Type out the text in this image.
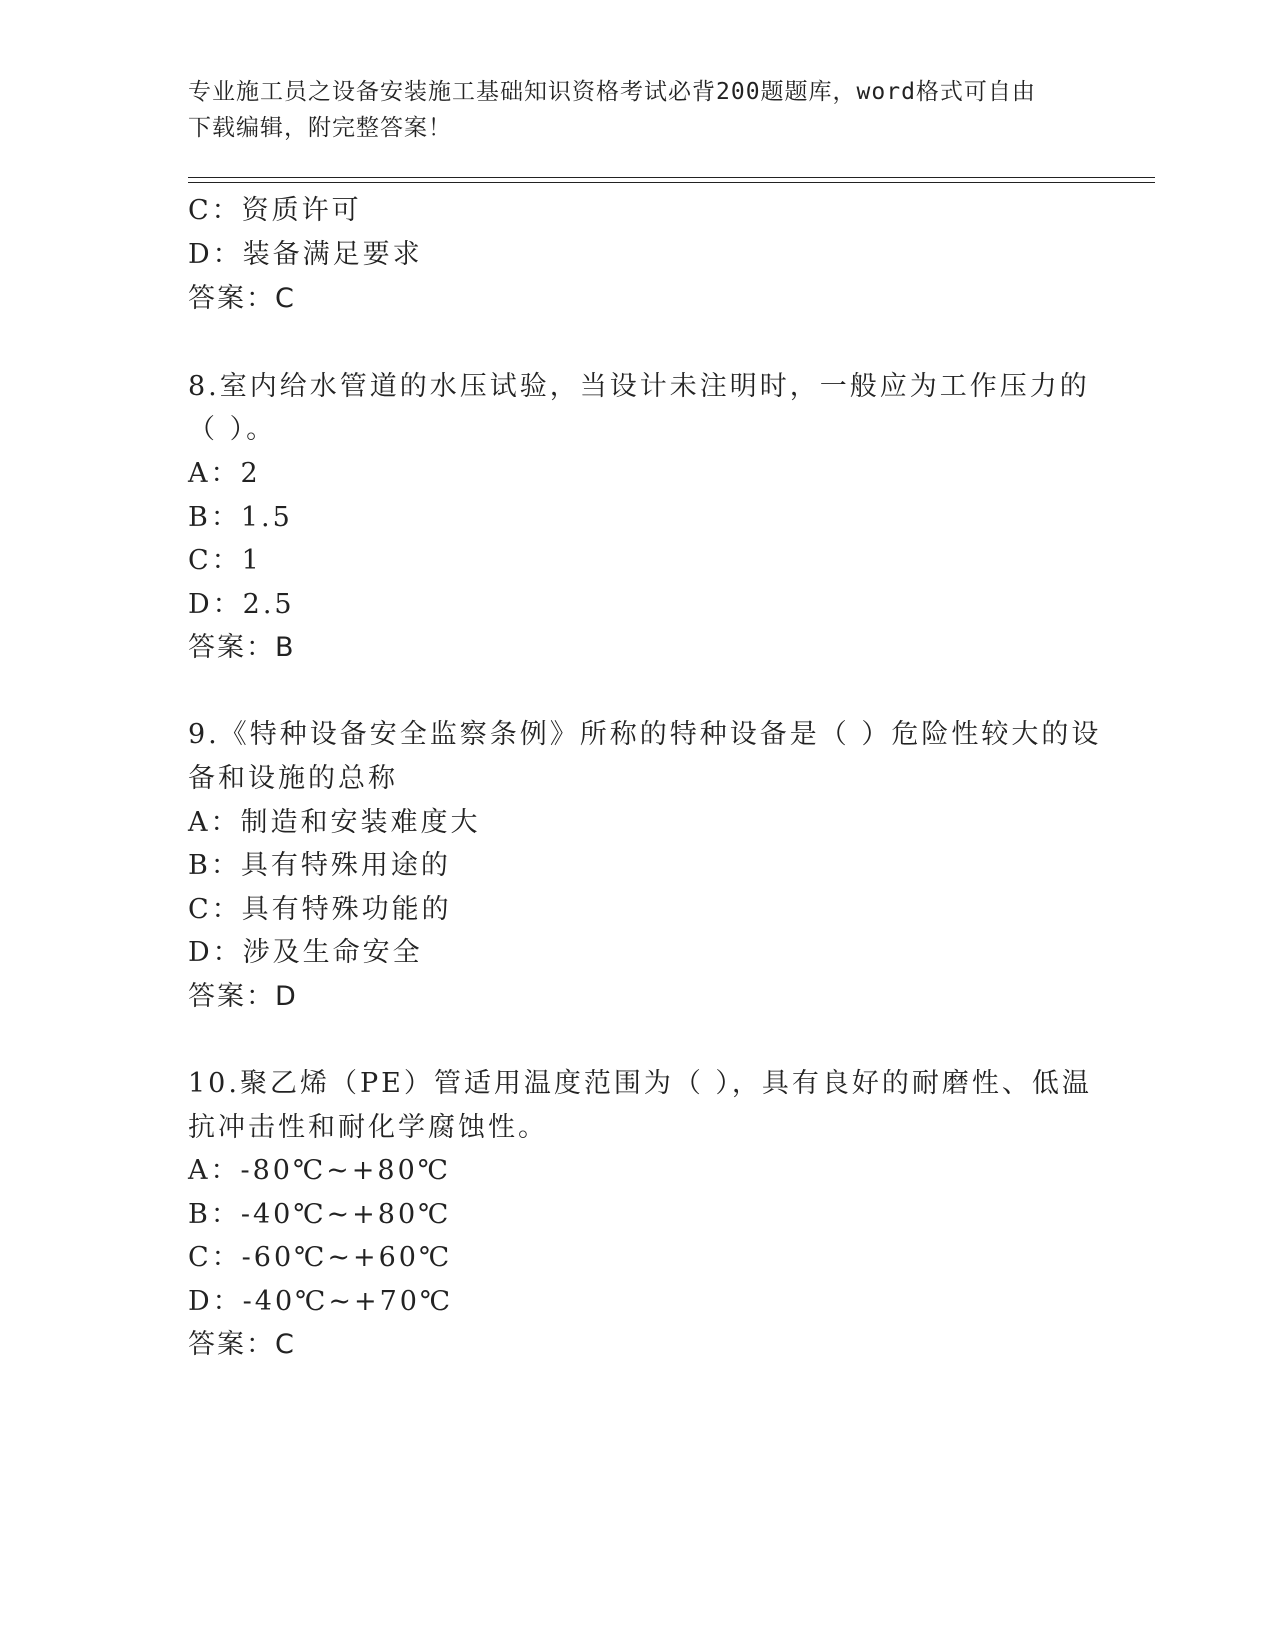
专业施工员之设备安装施工基础知识资格考试必背200题题库，word格式可自由
下载编辑，附完整答案！
C：资质许可
D：装备满足要求
答案：C
8.室内给水管道的水压试验，当设计未注明时，一般应为工作压力的
（ ）。
A：2
B：1.5
C：1
D：2.5
答案：B
9.《特种设备安全监察条例》所称的特种设备是（ ）危险性较大的设
备和设施的总称
A：制造和安装难度大
B：具有特殊用途的
C：具有特殊功能的
D：涉及生命安全
答案：D
10.聚乙烯（PE）管适用温度范围为（ ），具有良好的耐磨性、低温
抗冲击性和耐化学腐蚀性。
A：-80℃~+80℃
B：-40℃~+80℃
C：-60℃~+60℃
D：-40℃~+70℃
答案：C
